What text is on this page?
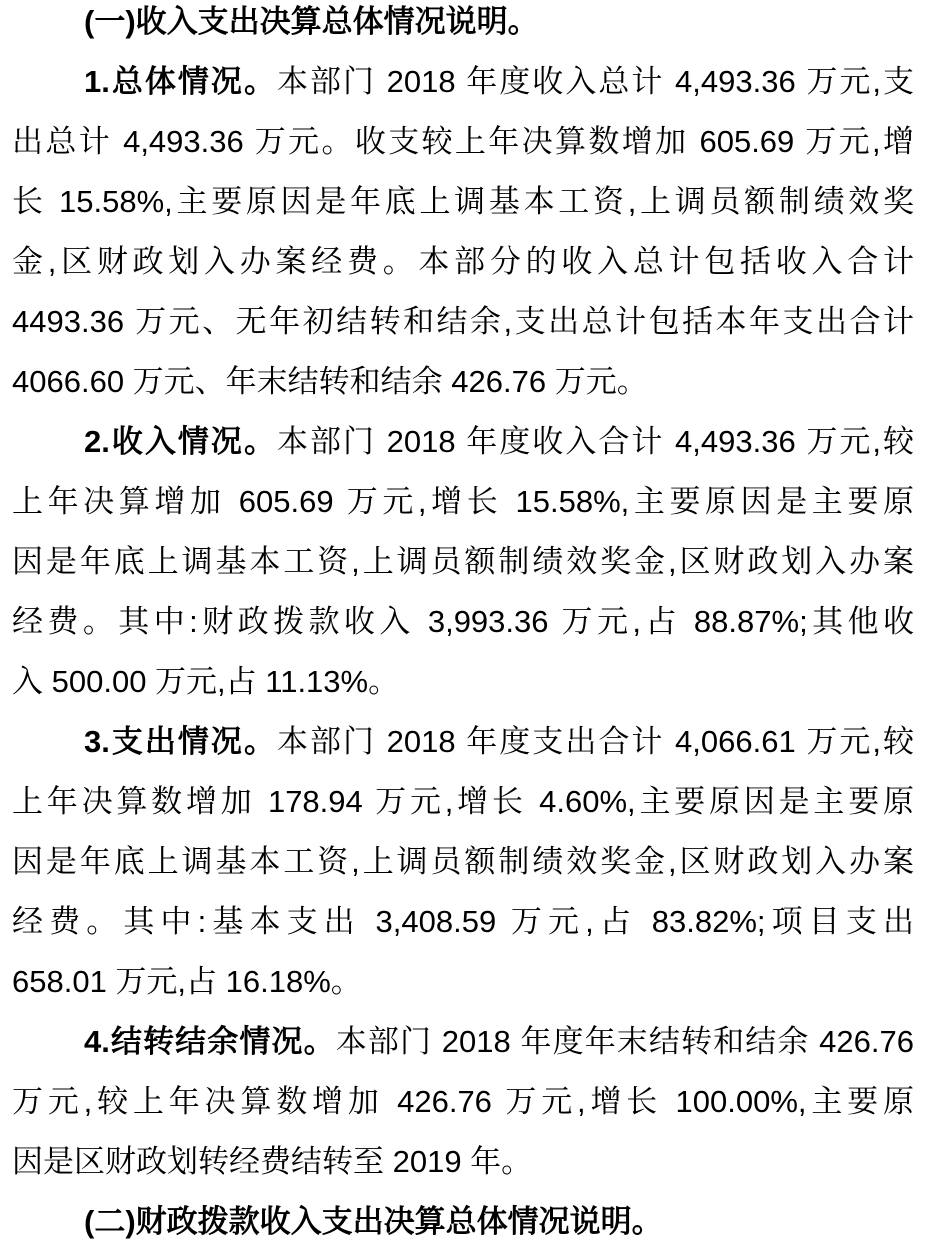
(一)收入支出决算总体情况说明。
1.总体情况。本部门 2018 年度收入总计 4,493.36 万元,支
出总计 4,493.36 万元。收支较上年决算数增加 605.69 万元,增
长 15.58%,主要原因是年底上调基本工资,上调员额制绩效奖
金,区财政划入办案经费。本部分的收入总计包括收入合计
4493.36 万元、无年初结转和结余,支出总计包括本年支出合计
4066.60 万元、年末结转和结余 426.76 万元。
2.收入情况。本部门 2018 年度收入合计 4,493.36 万元,较
上年决算增加 605.69 万元,增长 15.58%,主要原因是主要原
因是年底上调基本工资,上调员额制绩效奖金,区财政划入办案
经费。其中:财政拨款收入 3,993.36 万元,占 88.87%;其他收
入 500.00 万元,占 11.13%。
3.支出情况。本部门 2018 年度支出合计 4,066.61 万元,较
上年决算数增加 178.94 万元,增长 4.60%,主要原因是主要原
因是年底上调基本工资,上调员额制绩效奖金,区财政划入办案
经费。其中:基本支出 3,408.59 万元,占 83.82%;项目支出
658.01 万元,占 16.18%。
4.结转结余情况。本部门 2018 年度年末结转和结余 426.76
万元,较上年决算数增加 426.76 万元,增长 100.00%,主要原
因是区财政划转经费结转至 2019 年。
(二)财政拨款收入支出决算总体情况说明。
